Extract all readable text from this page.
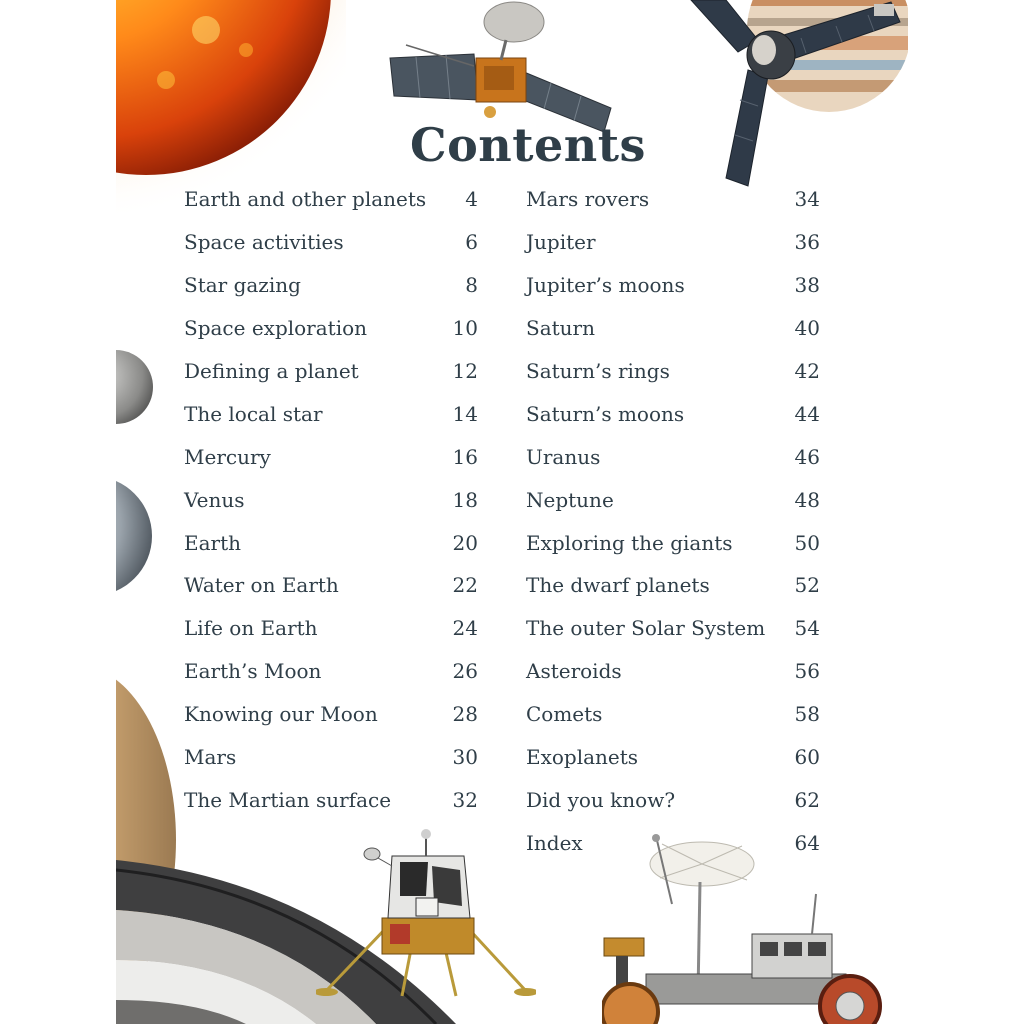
Contents
Earth and other planets 4
Space activities	6
Star gazing	8
Space exploration	10
Defining a planet	12
The local star	14
Mercury	16
Venus	18
Earth	20
Water on Earth	22
Life on Earth	24
Earth’s Moon	26
Knowing our Moon	28
Mars	30
The Martian surface	32
Mars rovers	34
Jupiter	36
Jupiter’s moons	38
Saturn	40
Saturn’s rings	42
Saturn’s moons	44
Uranus	46
Neptune	48
Exploring the giants	50
The dwarf planets	52
The outer Solar System 54
Asteroids	56
Comets	58
Exoplanets	60
Did you know?	62
Index	64
